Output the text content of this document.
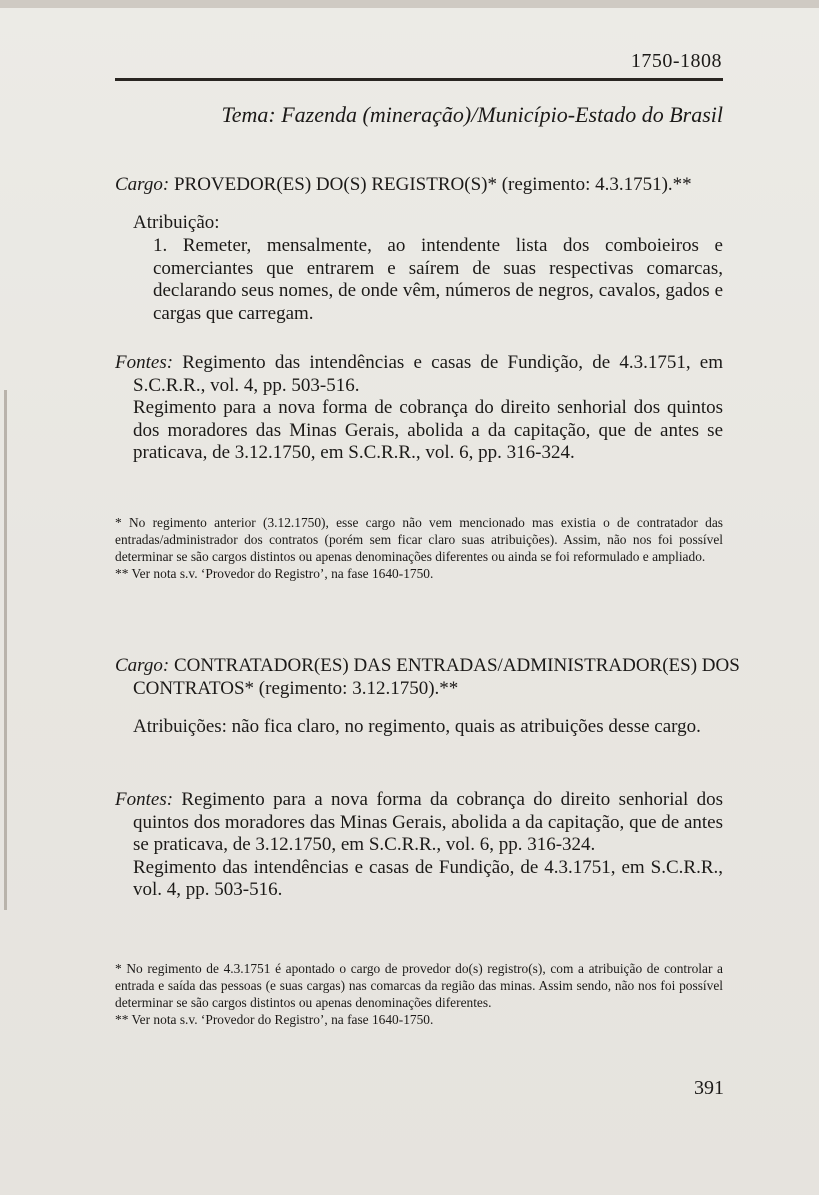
1750-1808
Tema: Fazenda (mineração)/Município-Estado do Brasil
Cargo: PROVEDOR(ES) DO(S) REGISTRO(S)* (regimento: 4.3.1751).**
Atribuição:
1. Remeter, mensalmente, ao intendente lista dos comboieiros e comerciantes que entrarem e saírem de suas respectivas comarcas, declarando seus nomes, de onde vêm, números de negros, cavalos, gados e cargas que carregam.

Fontes: Regimento das intendências e casas de Fundição, de 4.3.1751, em S.C.R.R., vol. 4, pp. 503-516.

Regimento para a nova forma de cobrança do direito senhorial dos quintos dos moradores das Minas Gerais, abolida a da capitação, que de antes se praticava, de 3.12.1750, em S.C.R.R., vol. 6, pp. 316-324.

* No regimento anterior (3.12.1750), esse cargo não vem mencionado mas existia o de contratador das entradas/administrador dos contratos (porém sem ficar claro suas atribuições). Assim, não nos foi possível determinar se são cargos distintos ou apenas denominações diferentes ou ainda se foi reformulado e ampliado.

** Ver nota s.v. ‘Provedor do Registro’, na fase 1640-1750.

Cargo: CONTRATADOR(ES) DAS ENTRADAS/ADMINISTRADOR(ES) DOS CONTRATOS* (regimento: 3.12.1750).**
Atribuições: não fica claro, no regimento, quais as atribuições desse cargo.

Fontes: Regimento para a nova forma da cobrança do direito senhorial dos quintos dos moradores das Minas Gerais, abolida a da capitação, que de antes se praticava, de 3.12.1750, em S.C.R.R., vol. 6, pp. 316-324.

Regimento das intendências e casas de Fundição, de 4.3.1751, em S.C.R.R., vol. 4, pp. 503-516.

* No regimento de 4.3.1751 é apontado o cargo de provedor do(s) registro(s), com a atribuição de controlar a entrada e saída das pessoas (e suas cargas) nas comarcas da região das minas. Assim sendo, não nos foi possível determinar se são cargos distintos ou apenas denominações diferentes.

** Ver nota s.v. ‘Provedor do Registro’, na fase 1640-1750.

391
